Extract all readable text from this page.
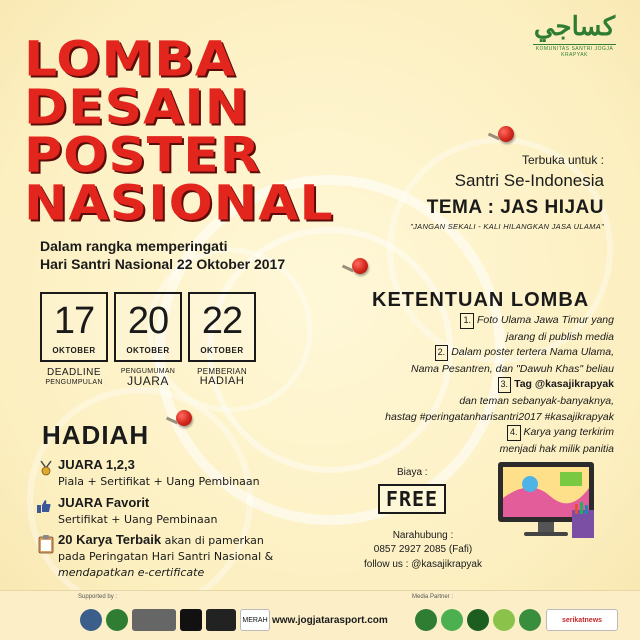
LOMBA
DESAIN
POSTER
NASIONAL
Dalam rangka memperingati
Hari Santri Nasional 22 Oktober 2017
كساجي
KOMUNITAS SANTRI JOGJA KRAPYAK
Terbuka untuk :
Santri Se-Indonesia
TEMA : JAS HIJAU
"JANGAN SEKALI - KALI HILANGKAN JASA ULAMA"
17
OKTOBER
20
OKTOBER
22
OKTOBER
DEADLINE
PENGUMPULAN
PENGUMUMAN
JUARA
PEMBERIAN
HADIAH
HADIAH
JUARA 1,2,3
Piala + Sertifikat + Uang Pembinaan
JUARA Favorit
Sertifikat + Uang Pembinaan
20 Karya Terbaik akan di pamerkan
pada Peringatan Hari Santri Nasional &
mendapatkan e-certificate
KETENTUAN LOMBA
1. Foto Ulama Jawa Timur yang
jarang di publish media
2. Dalam poster tertera Nama Ulama,
Nama Pesantren, dan "Dawuh Khas" beliau
3. Tag @kasajikrapyak
dan teman sebanyak-banyaknya,
hastag #peringatanharisantri2017 #kasajikrapyak
4. Karya yang terkirim
menjadi hak milik panitia
Biaya :
FREE
Narahubung :
0857 2927 2085 (Fafi)
follow us : @kasajikrapyak
Supported by :	Media Partner :
MERAH www.jogjatarasport.com	serikatnews
